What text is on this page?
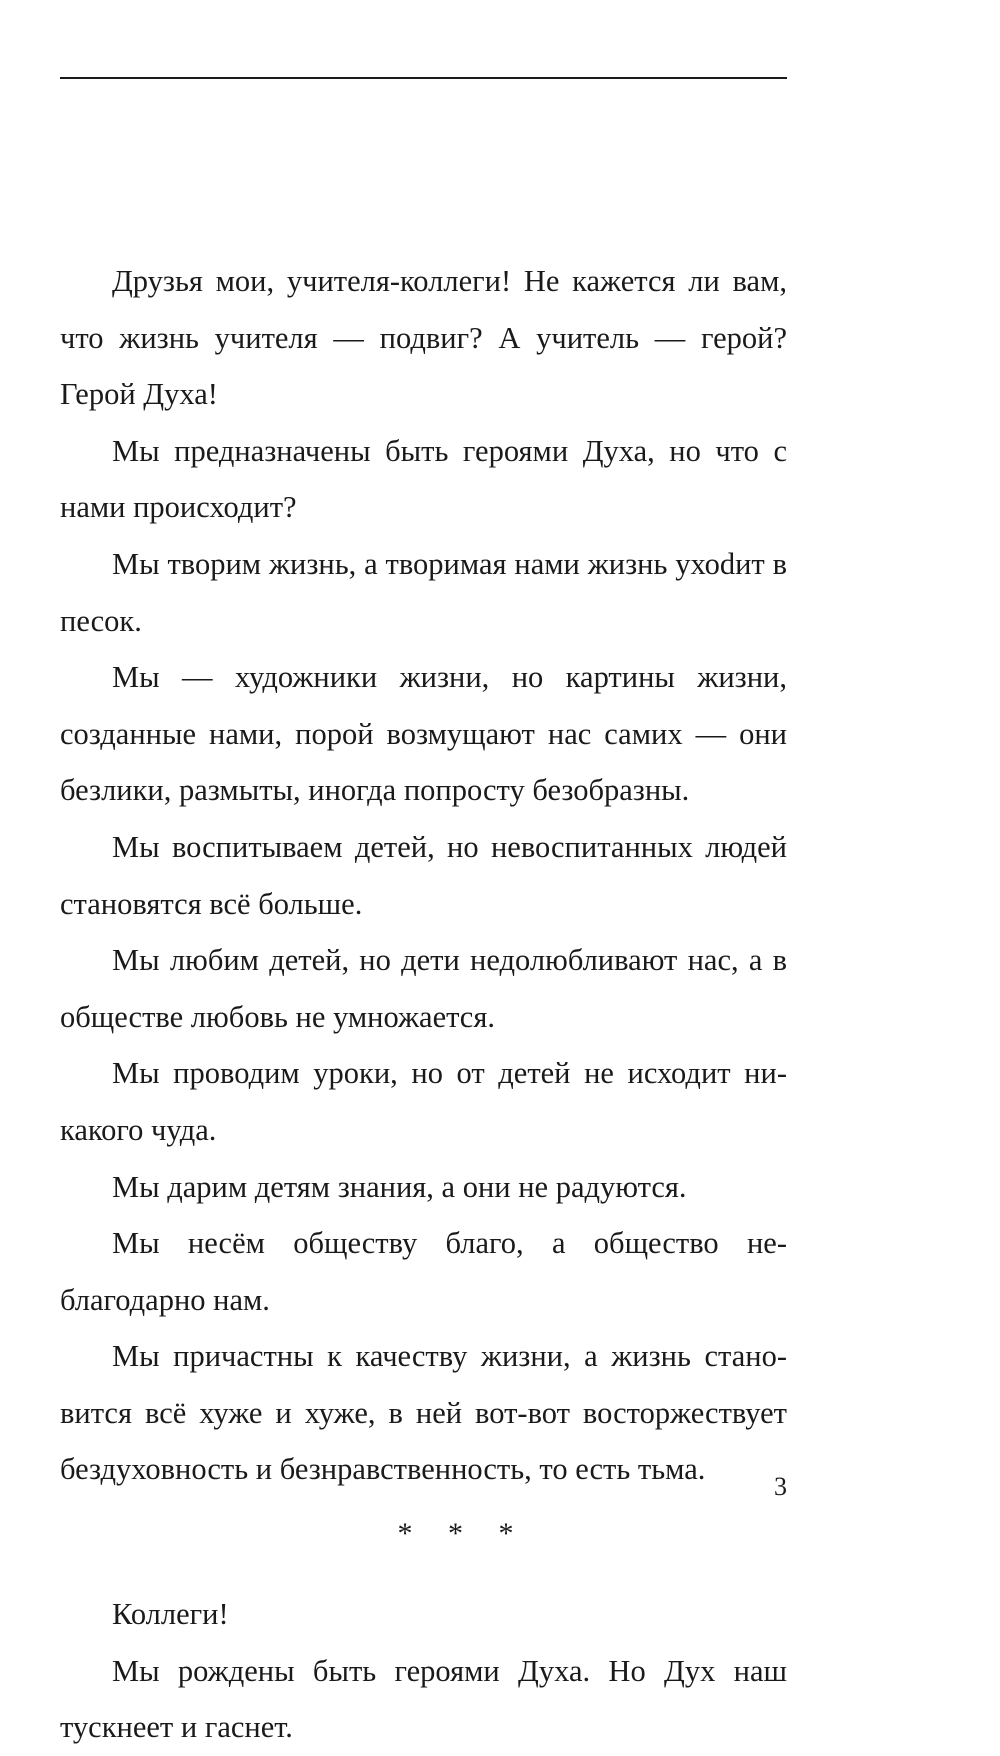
Друзья мои, учителя-коллеги! Не кажется ли вам, что жизнь учителя — подвиг? А учитель — герой? Герой Духа!

Мы предназначены быть героями Духа, но что с нами происходит?

Мы творим жизнь, а творимая нами жизнь ухоdит в песок.

Мы — художники жизни, но картины жизни, созданные нами, порой возмущают нас самих — они безлики, размыты, иногда попросту безобразны.

Мы воспитываем детей, но невоспитанных людей становятся всё больше.

Мы любим детей, но дети недолюбливают нас, а в обществе любовь не умножается.

Мы проводим уроки, но от детей не исходит никакого чуда.

Мы дарим детям знания, а они не радуются.

Мы несём обществу благо, а общество неблагодарно нам.

Мы причастны к качеству жизни, а жизнь становится всё хуже и хуже, в ней вот-вот восторжествует бездуховность и безнравственность, то есть тьма.

* * *

Коллеги!

Мы рождены быть героями Духа. Но Дух наш тускнеет и гаснет.

3
